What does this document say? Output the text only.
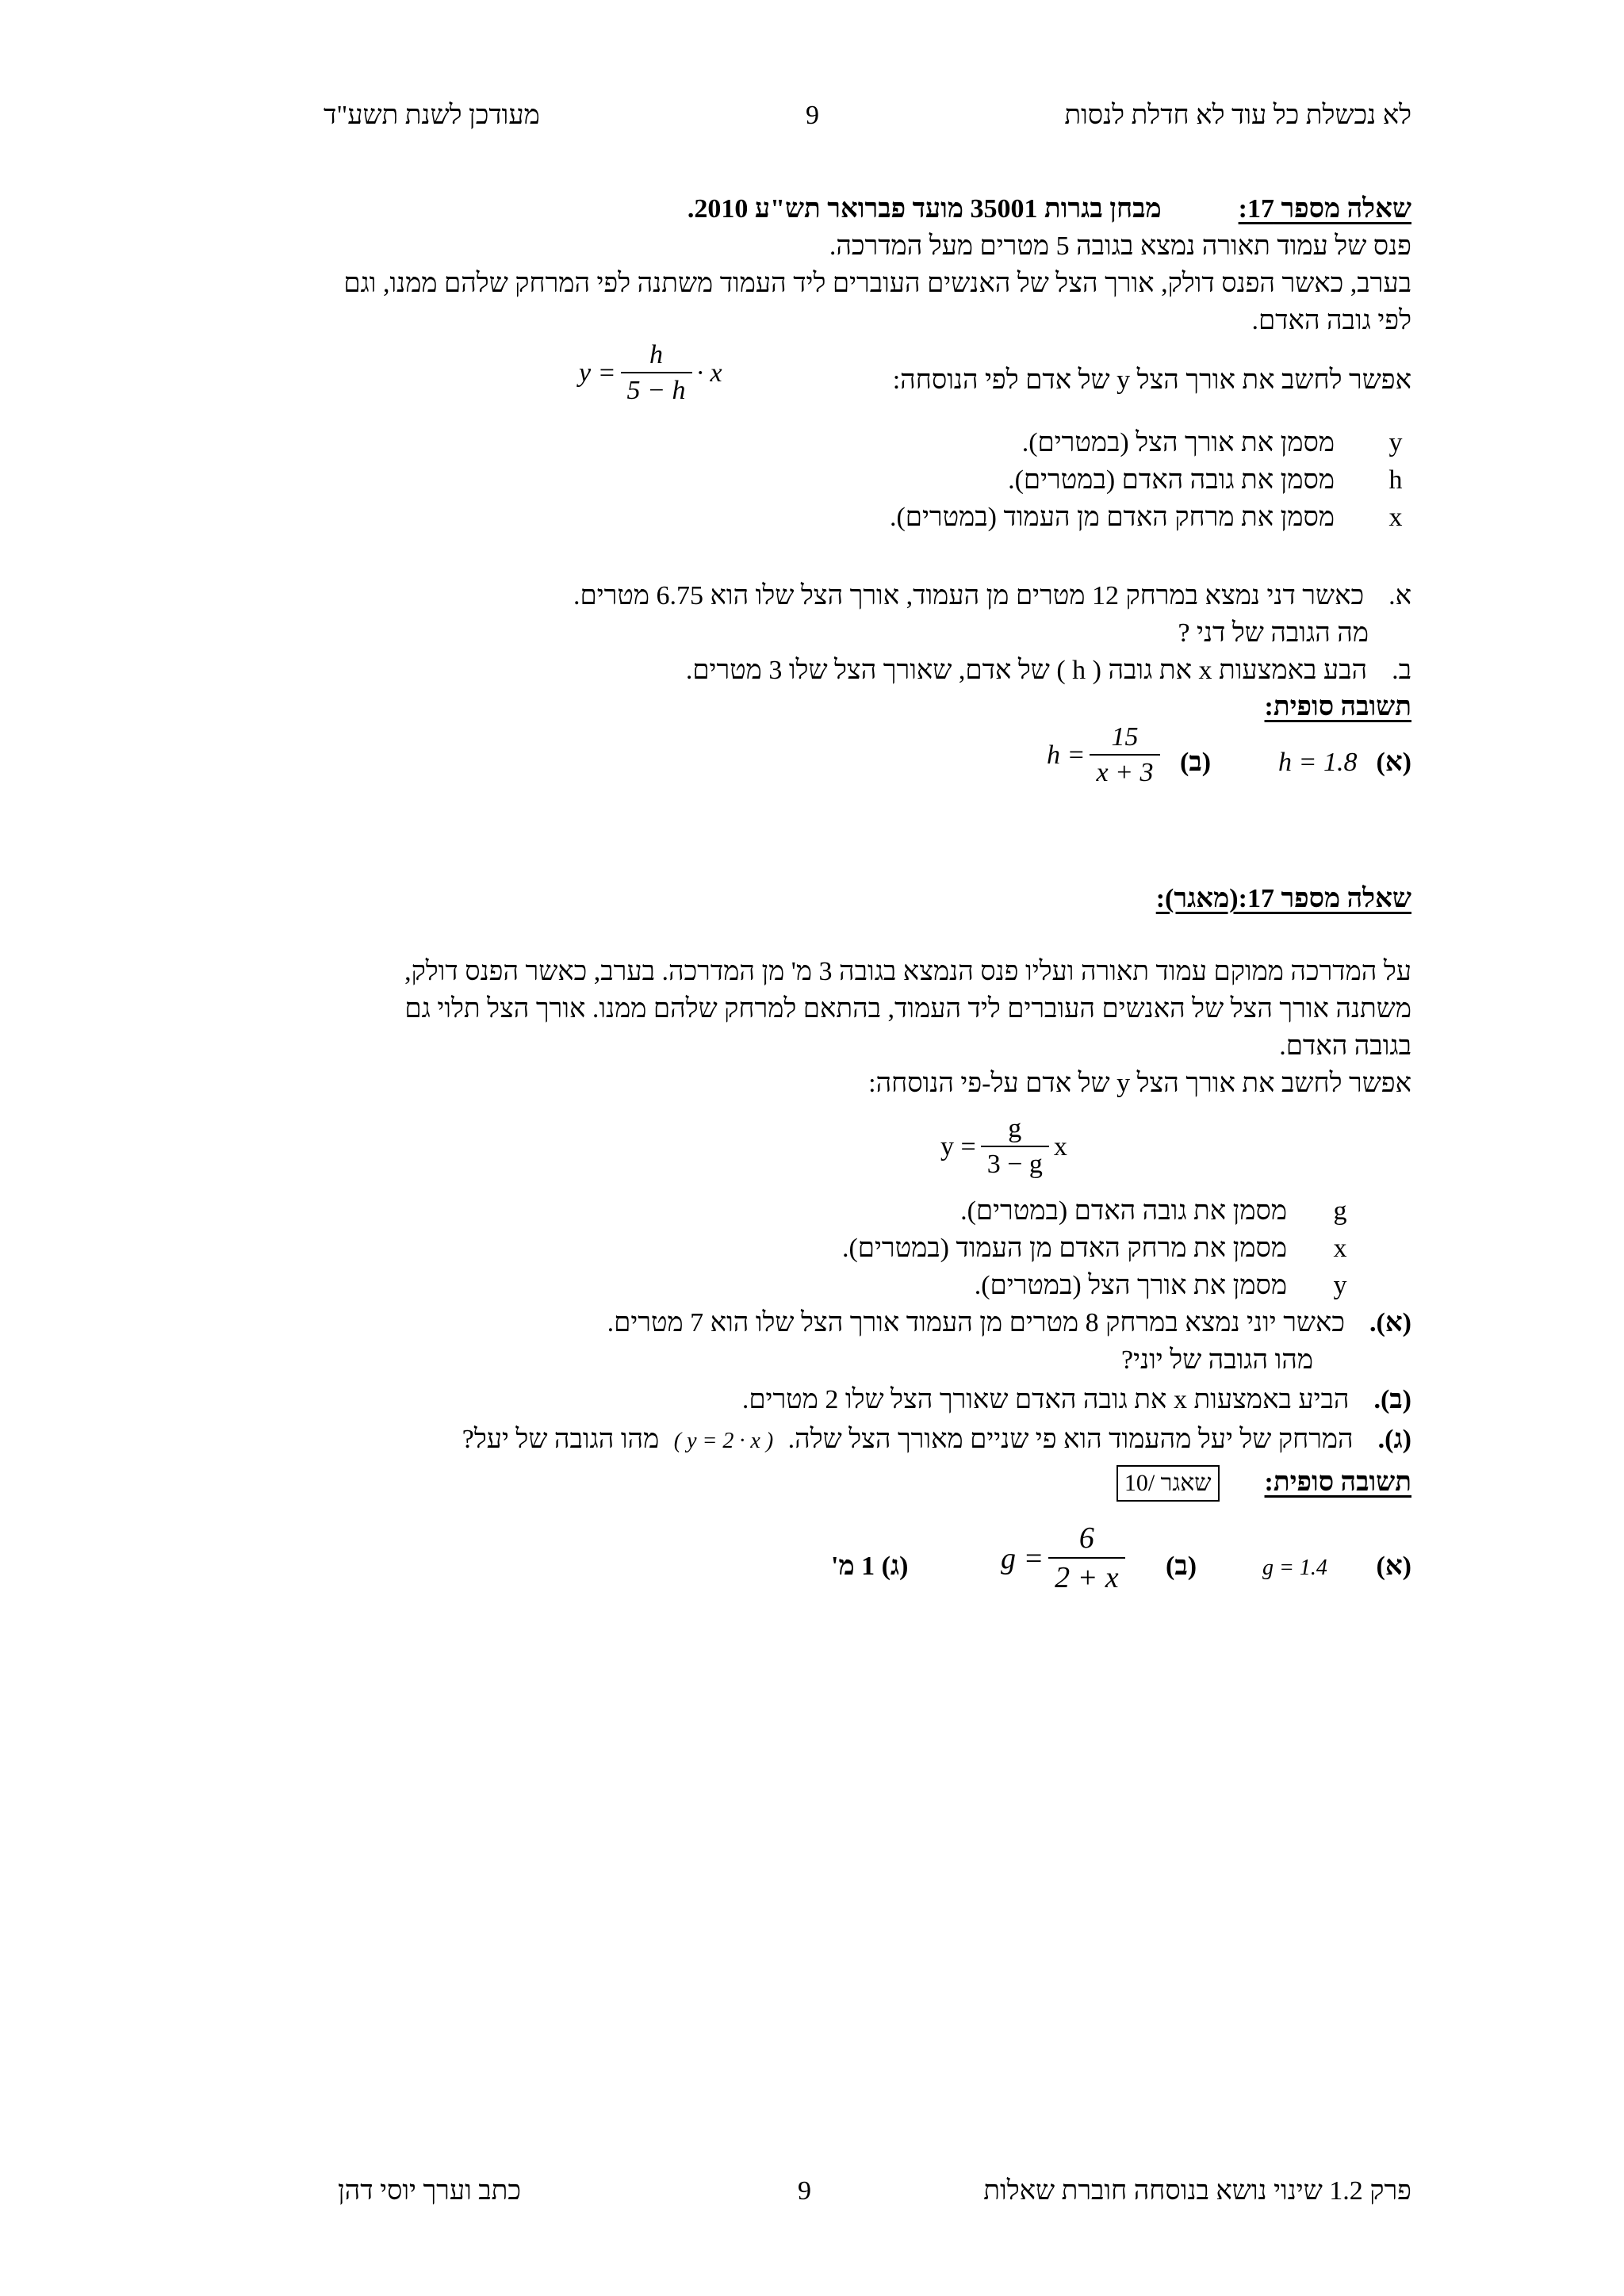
לא נכשלת כל עוד לא חדלת לנסות
9
מעודכן לשנת תשע"ד
שאלה מספר 17:  מבחן בגרות 35001 מועד פברואר תש"ע 2010.
פנס של עמוד תאורה נמצא בגובה 5 מטרים מעל המדרכה.
בערב, כאשר הפנס דולק, אורך הצל של האנשים העוברים ליד העמוד משתנה לפי המרחק שלהם ממנו, וגם
לפי גובה האדם.
אפשר לחשב את אורך הצל y של אדם לפי הנוסחה:
$y = \frac{h}{5 - h} \cdot x$
y  מסמן את אורך הצל (במטרים).
h  מסמן את גובה האדם (במטרים).
x  מסמן את מרחק האדם מן העמוד (במטרים).
א.  כאשר דני נמצא במרחק 12 מטרים מן העמוד, אורך הצל שלו הוא 6.75 מטרים.
מה הגובה של דני ?
ב.  הבע באמצעות x את גובה ( h ) של אדם, שאורך הצל שלו 3 מטרים.
תשובה סופית:
(א)
h = 1.8
(ב)
$h = \frac{15}{x + 3}$
שאלה מספר 17:(מאגר):
על המדרכה ממוקם עמוד תאורה ועליו פנס הנמצא בגובה 3 מ' מן המדרכה. בערב, כאשר הפנס דולק,
משתנה אורך הצל של האנשים העוברים ליד העמוד, בהתאם למרחק שלהם ממנו. אורך הצל תלוי גם
בגובה האדם.
אפשר לחשב את אורך הצל y של אדם על-פי הנוסחה:
$y = \frac{g}{3 - g}$ x
g  מסמן את גובה האדם (במטרים).
x  מסמן את מרחק האדם מן העמוד (במטרים).
y  מסמן את אורך הצל (במטרים).
(א).  כאשר יוני נמצא במרחק 8 מטרים מן העמוד אורך הצל שלו הוא 7 מטרים.
מהו הגובה של יוני?
(ב).  הביע באמצעות x את גובה האדם שאורך הצל שלו 2 מטרים.
(ג).  המרחק של יעל מהעמוד הוא פי שניים מאורך הצל שלה. ( y = 2 · x ) מהו הגובה של יעל?
תשובה סופית:  שאגר /10
(א)
g = 1.4
(ב)
$g = \frac{6}{2 + x}$
(ג) 1 מ'
פרק 1.2 שינוי נושא בנוסחה חוברת שאלות
9
כתב וערך יוסי דהן
